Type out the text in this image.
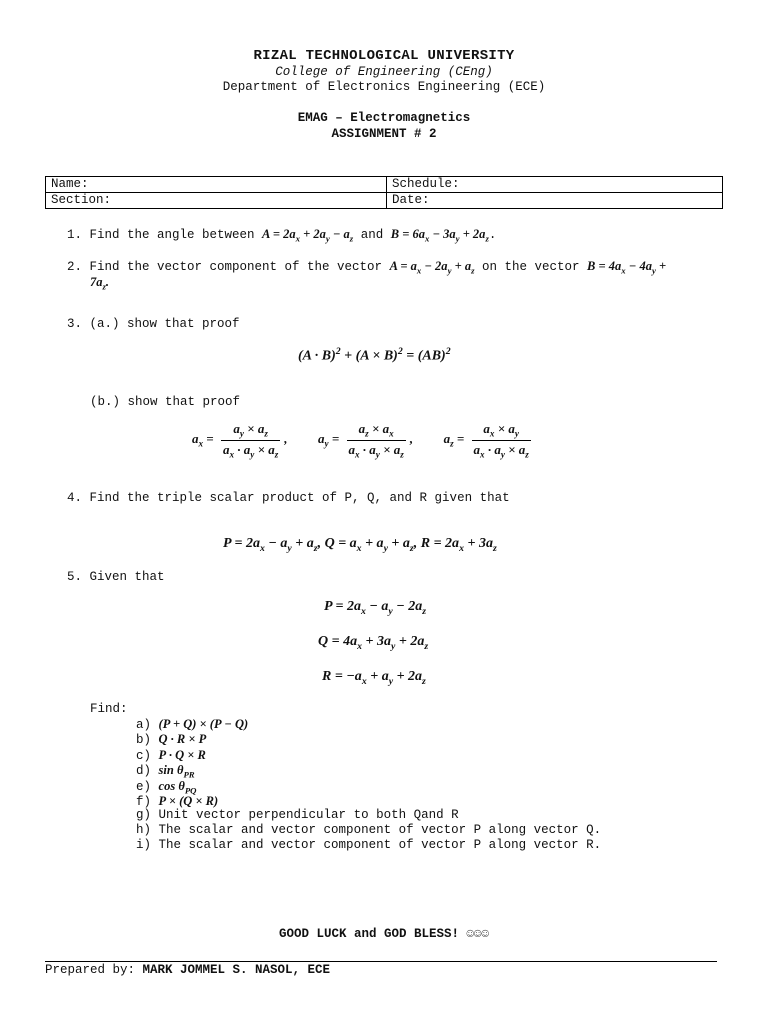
RIZAL TECHNOLOGICAL UNIVERSITY
College of Engineering (CEng)
Department of Electronics Engineering (ECE)
EMAG – Electromagnetics
ASSIGNMENT # 2
Name:	Schedule:
Section:	Date:
1. Find the angle between $A = 2a_x + 2a_y - a_z$ and $B = 6a_x - 3a_y + 2a_z$.
2. Find the vector component of the vector $A = a_x - 2a_y + a_z$ on the vector $B = 4a_x - 4a_y$ +
$7a_z$.
3. (a.) show that proof
$(A \cdot B)^2 + (A \times B)^2 = (AB)^2$
(b.) show that proof
$a_x = \frac{a_y \times a_z}{a_x \cdot a_y \times a_z}$ ,  $a_y = \frac{a_z \times a_x}{a_x \cdot a_y \times a_z}$ ,  $a_z = \frac{a_x \times a_y}{a_x \cdot a_y \times a_z}$
4. Find the triple scalar product of P, Q, and R given that
$P = 2a_x - a_y + a_z$, $Q = a_x + a_y + a_z$, $R = 2a_x + 3a_z$
5. Given that
$P = 2a_x - a_y - 2a_z$
$Q = 4a_x + 3a_y + 2a_z$
$R = -a_x + a_y + 2a_z$
Find:
a) (P + Q) × (P − Q)
b) Q · R × P
c) P · Q × R
d) $\sin \theta_{PR}$
e) $\cos \theta_{PQ}$
f) P × (Q × R)
g) Unit vector perpendicular to both Qand R
h) The scalar and vector component of vector P along vector Q.
i) The scalar and vector component of vector P along vector R.
GOOD LUCK and GOD BLESS! ☺☺☺
Prepared by: MARK JOMMEL S. NASOL, ECE
